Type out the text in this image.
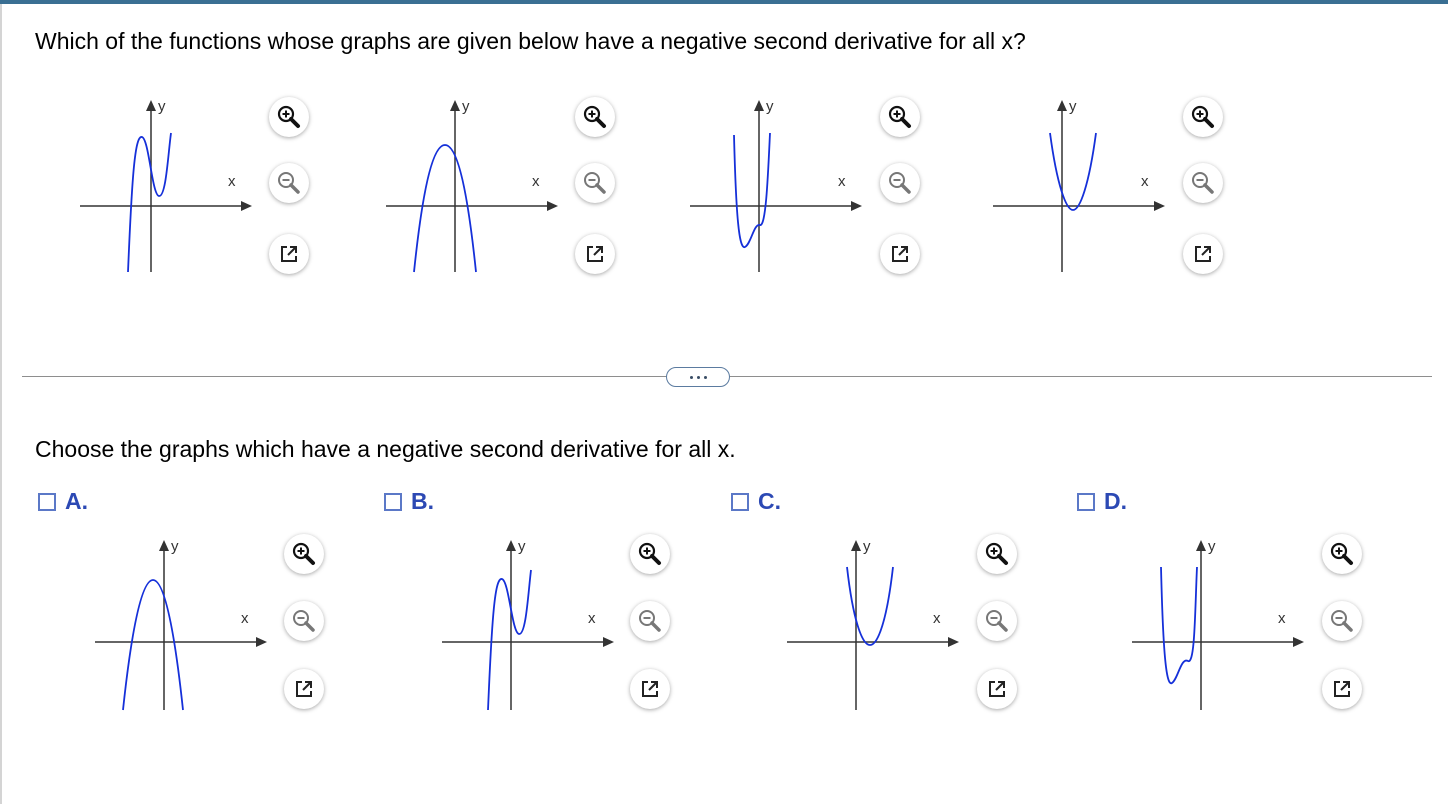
Which of the functions whose graphs are given below have a negative second derivative for all x?
y
x
y
x
y
x
y
x
Choose the graphs which have a negative second derivative for all x.
A.	B.	C.	D.
y
x
y
x
y
x
y
x
